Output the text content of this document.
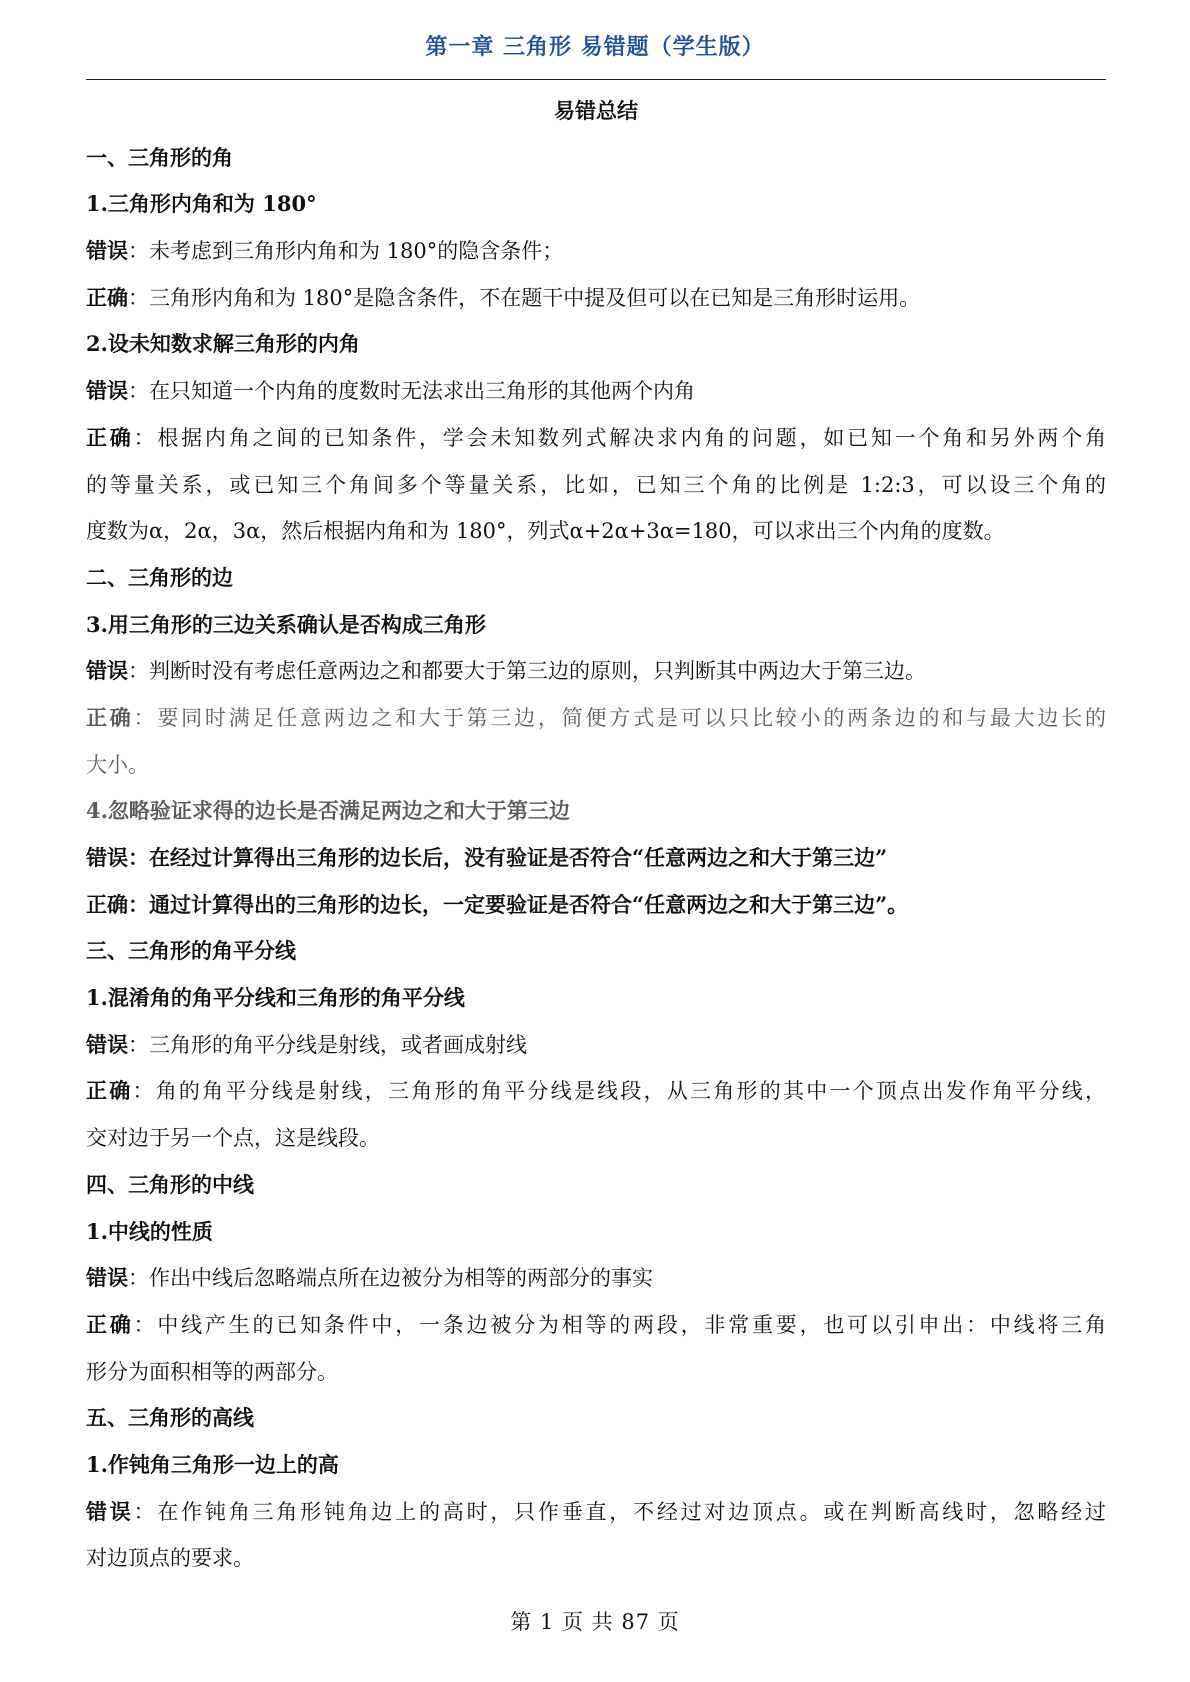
第一章 三角形 易错题（学生版）
易错总结
一、三角形的角
1.三角形内角和为 180°
错误：未考虑到三角形内角和为 180°的隐含条件；
正确：三角形内角和为 180°是隐含条件，不在题干中提及但可以在已知是三角形时运用。
2.设未知数求解三角形的内角
错误：在只知道一个内角的度数时无法求出三角形的其他两个内角
正确：根据内角之间的已知条件，学会未知数列式解决求内角的问题，如已知一个角和另外两个角
的等量关系，或已知三个角间多个等量关系，比如，已知三个角的比例是 1:2:3，可以设三个角的
度数为α，2α，3α，然后根据内角和为 180°，列式α+2α+3α=180，可以求出三个内角的度数。
二、三角形的边
3.用三角形的三边关系确认是否构成三角形
错误：判断时没有考虑任意两边之和都要大于第三边的原则，只判断其中两边大于第三边。
正确：要同时满足任意两边之和大于第三边，简便方式是可以只比较小的两条边的和与最大边长的
大小。
4.忽略验证求得的边长是否满足两边之和大于第三边
错误：在经过计算得出三角形的边长后，没有验证是否符合“任意两边之和大于第三边”
正确：通过计算得出的三角形的边长，一定要验证是否符合“任意两边之和大于第三边”。
三、三角形的角平分线
1.混淆角的角平分线和三角形的角平分线
错误：三角形的角平分线是射线，或者画成射线
正确：角的角平分线是射线，三角形的角平分线是线段，从三角形的其中一个顶点出发作角平分线，
交对边于另一个点，这是线段。
四、三角形的中线
1.中线的性质
错误：作出中线后忽略端点所在边被分为相等的两部分的事实
正确：中线产生的已知条件中，一条边被分为相等的两段，非常重要，也可以引申出：中线将三角
形分为面积相等的两部分。
五、三角形的高线
1.作钝角三角形一边上的高
错误：在作钝角三角形钝角边上的高时，只作垂直，不经过对边顶点。或在判断高线时，忽略经过
对边顶点的要求。
第 1 页 共 87 页
